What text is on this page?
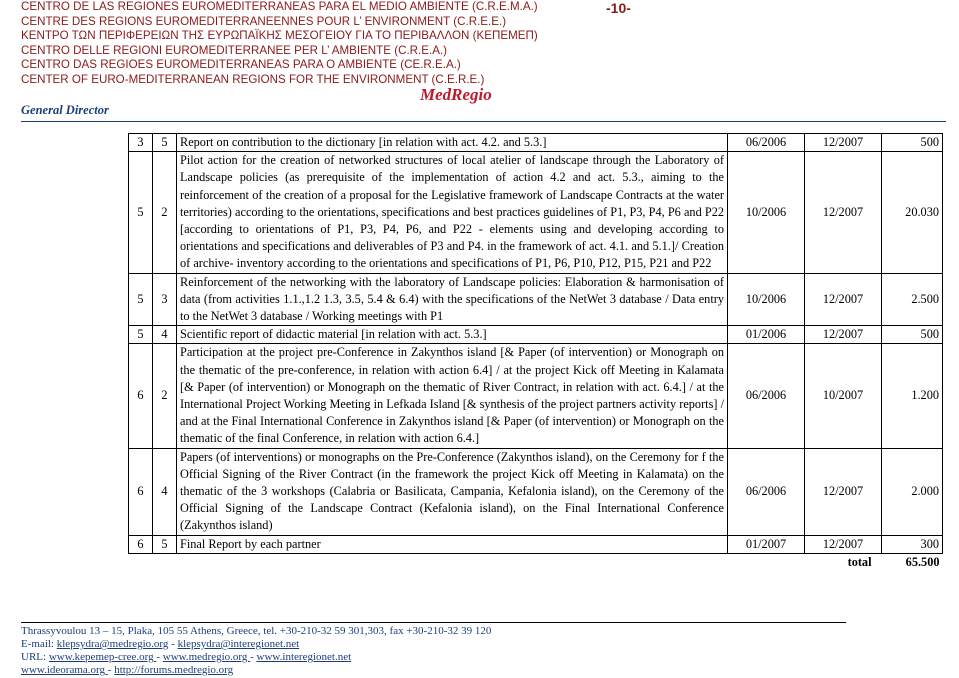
CENTRO DE LAS REGIONES EUROMEDITERRANEAS PARA EL MEDIO AMBIENTE (C.R.E.M.A.)
CENTRE DES REGIONS EUROMEDITERRANEENNES POUR L’ ENVIRONMENT (C.R.E.E.)
ΚΕΝΤΡΟ ΤΩΝ ΠΕΡΙΦΕΡΕΙΩΝ ΤΗΣ ΕΥΡΩΠΑΪΚΗΣ ΜΕΣΟΓΕΙΟΥ ΓΙΑ ΤΟ ΠΕΡΙΒΑΛΛΟΝ (ΚΕΠΕΜΕΠ)
CENTRO DELLE REGIONI EUROMEDITERRANEE PER L’ AMBIENTE (C.R.E.A.)
CENTRO DAS REGIOES EUROMEDITERRANEAS PARA O AMBIENTE (CE.R.E.A.)
CENTER OF EURO-MEDITERRANEAN REGIONS FOR THE ENVIRONMENT (C.E.R.E.)
-10-
MedRegio
General Director
3	5	Report on contribution to the dictionary [in relation with act. 4.2. and 5.3.]	06/2006	12/2007	500
5	2	Pilot action for the creation of networked structures of local atelier of landscape through the Laboratory of Landscape policies (as prerequisite of the implementation of action 4.2 and act. 5.3., aiming to the reinforcement of the creation of a proposal for the Legislative framework of Landscape Contracts at the water territories) according to the orientations, specifications and best practices guidelines of P1, P3, P4, P6 and P22 [according to orientations of P1, P3, P4, P6, and P22 - elements using and developing according to orientations and specifications and deliverables of P3 and P4. in the framework of act. 4.1. and 5.1.]/ Creation of archive- inventory according to the orientations and specifications of P1, P6, P10, P12, P15, P21 and P22	10/2006	12/2007	20.030
5	3	Reinforcement of the networking with the laboratory of Landscape policies: Elaboration & harmonisation of data (from activities 1.1.,1.2 1.3, 3.5, 5.4 & 6.4) with the specifications of the NetWet 3 database / Data entry to the NetWet 3 database / Working meetings with P1	10/2006	12/2007	2.500
5	4	Scientific report of didactic material [in relation with act. 5.3.]	01/2006	12/2007	500
6	2	Participation at the project pre-Conference in Zakynthos island [& Paper (of intervention) or Monograph on the thematic of the pre-conference, in relation with action 6.4] / at the project Kick off Meeting in Kalamata [& Paper (of intervention) or Monograph on the thematic of River Contract, in relation with act. 6.4.] / at the International Project Working Meeting in Lefkada Island [& synthesis of the project partners activity reports] / and at the Final International Conference in Zakynthos island [& Paper (of intervention) or Monograph on the thematic of the final Conference, in relation with action 6.4.]	06/2006	10/2007	1.200
6	4	Papers (of interventions) or monographs on the Pre-Conference (Zakynthos island), on the Ceremony for f the Official Signing of the River Contract (in the framework the project Kick off Meeting in Kalamata) on the thematic of the 3 workshops (Calabria or Basilicata, Campania, Kefalonia island), on the Ceremony of the Official Signing of the Landscape Contract (Kefalonia island), on the Final International Conference (Zakynthos island)	06/2006	12/2007	2.000
6	5	Final Report by each partner	01/2007	12/2007	300
total					65.500
Thrassyvoulou 13 – 15, Plaka, 105 55 Athens, Greece, tel. +30-210-32 59 301,303, fax +30-210-32 39 120
E-mail: klepsydra@medregio.org - klepsydra@interegionet.net
URL: www.kepemep-cree.org - www.medregio.org - www.interegionet.net
www.ideorama.org - http://forums.medregio.org
